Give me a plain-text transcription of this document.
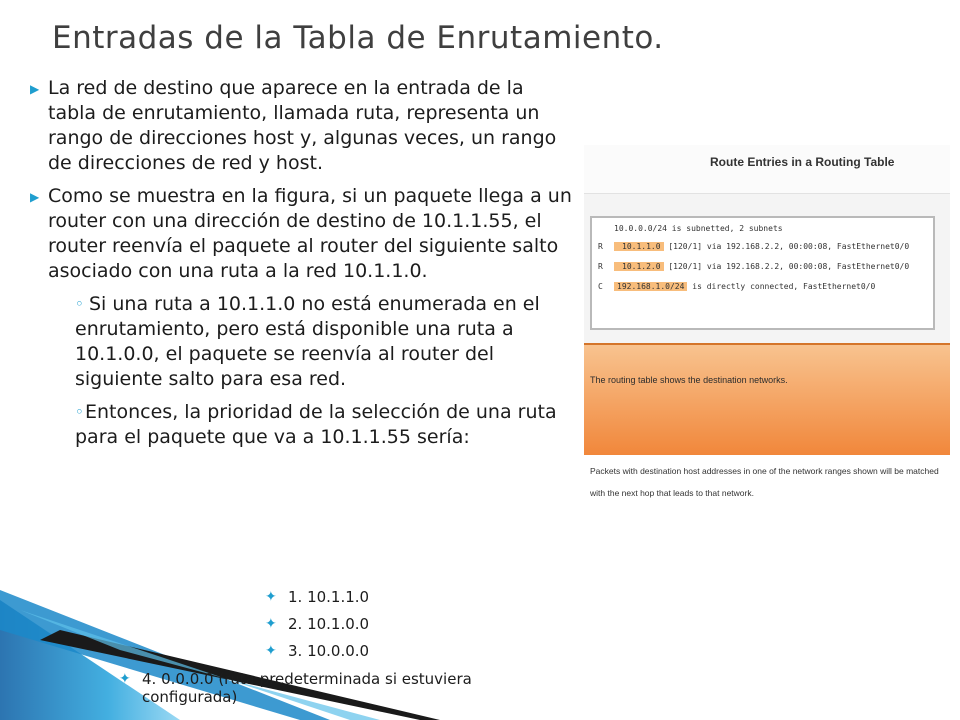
Entradas de la Tabla de Enrutamiento.
▶ La red de destino que aparece en la entrada de la tabla de enrutamiento, llamada ruta, representa un rango de direcciones host y, algunas veces, un rango de direcciones de red y host.
▶ Como se muestra en la figura, si un paquete llega a un router con una dirección de destino de 10.1.1.55, el router reenvía el paquete al router del siguiente salto asociado con una ruta a la red 10.1.1.0.
◦ Si una ruta a 10.1.1.0 no está enumerada en el enrutamiento, pero está disponible una ruta a 10.1.0.0, el paquete se reenvía al router del siguiente salto para esa red.
◦ Entonces, la prioridad de la selección de una ruta para el paquete que va a 10.1.1.55 sería:
✦ 1. 10.1.1.0
✦ 2. 10.1.0.0
✦ 3. 10.0.0.0
✦ 4. 0.0.0.0 (ruta predeterminada si estuviera configurada)
Route Entries in a Routing Table
10.0.0.0/24 is subnetted, 2 subnets
R 10.1.1.0 [120/1] via 192.168.2.2, 00:00:08, FastEthernet0/0
R 10.1.2.0 [120/1] via 192.168.2.2, 00:00:08, FastEthernet0/0
C 192.168.1.0/24 is directly connected, FastEthernet0/0
The routing table shows the destination networks.
Packets with destination host addresses in one of the network ranges shown will be matched with the next hop that leads to that network.
